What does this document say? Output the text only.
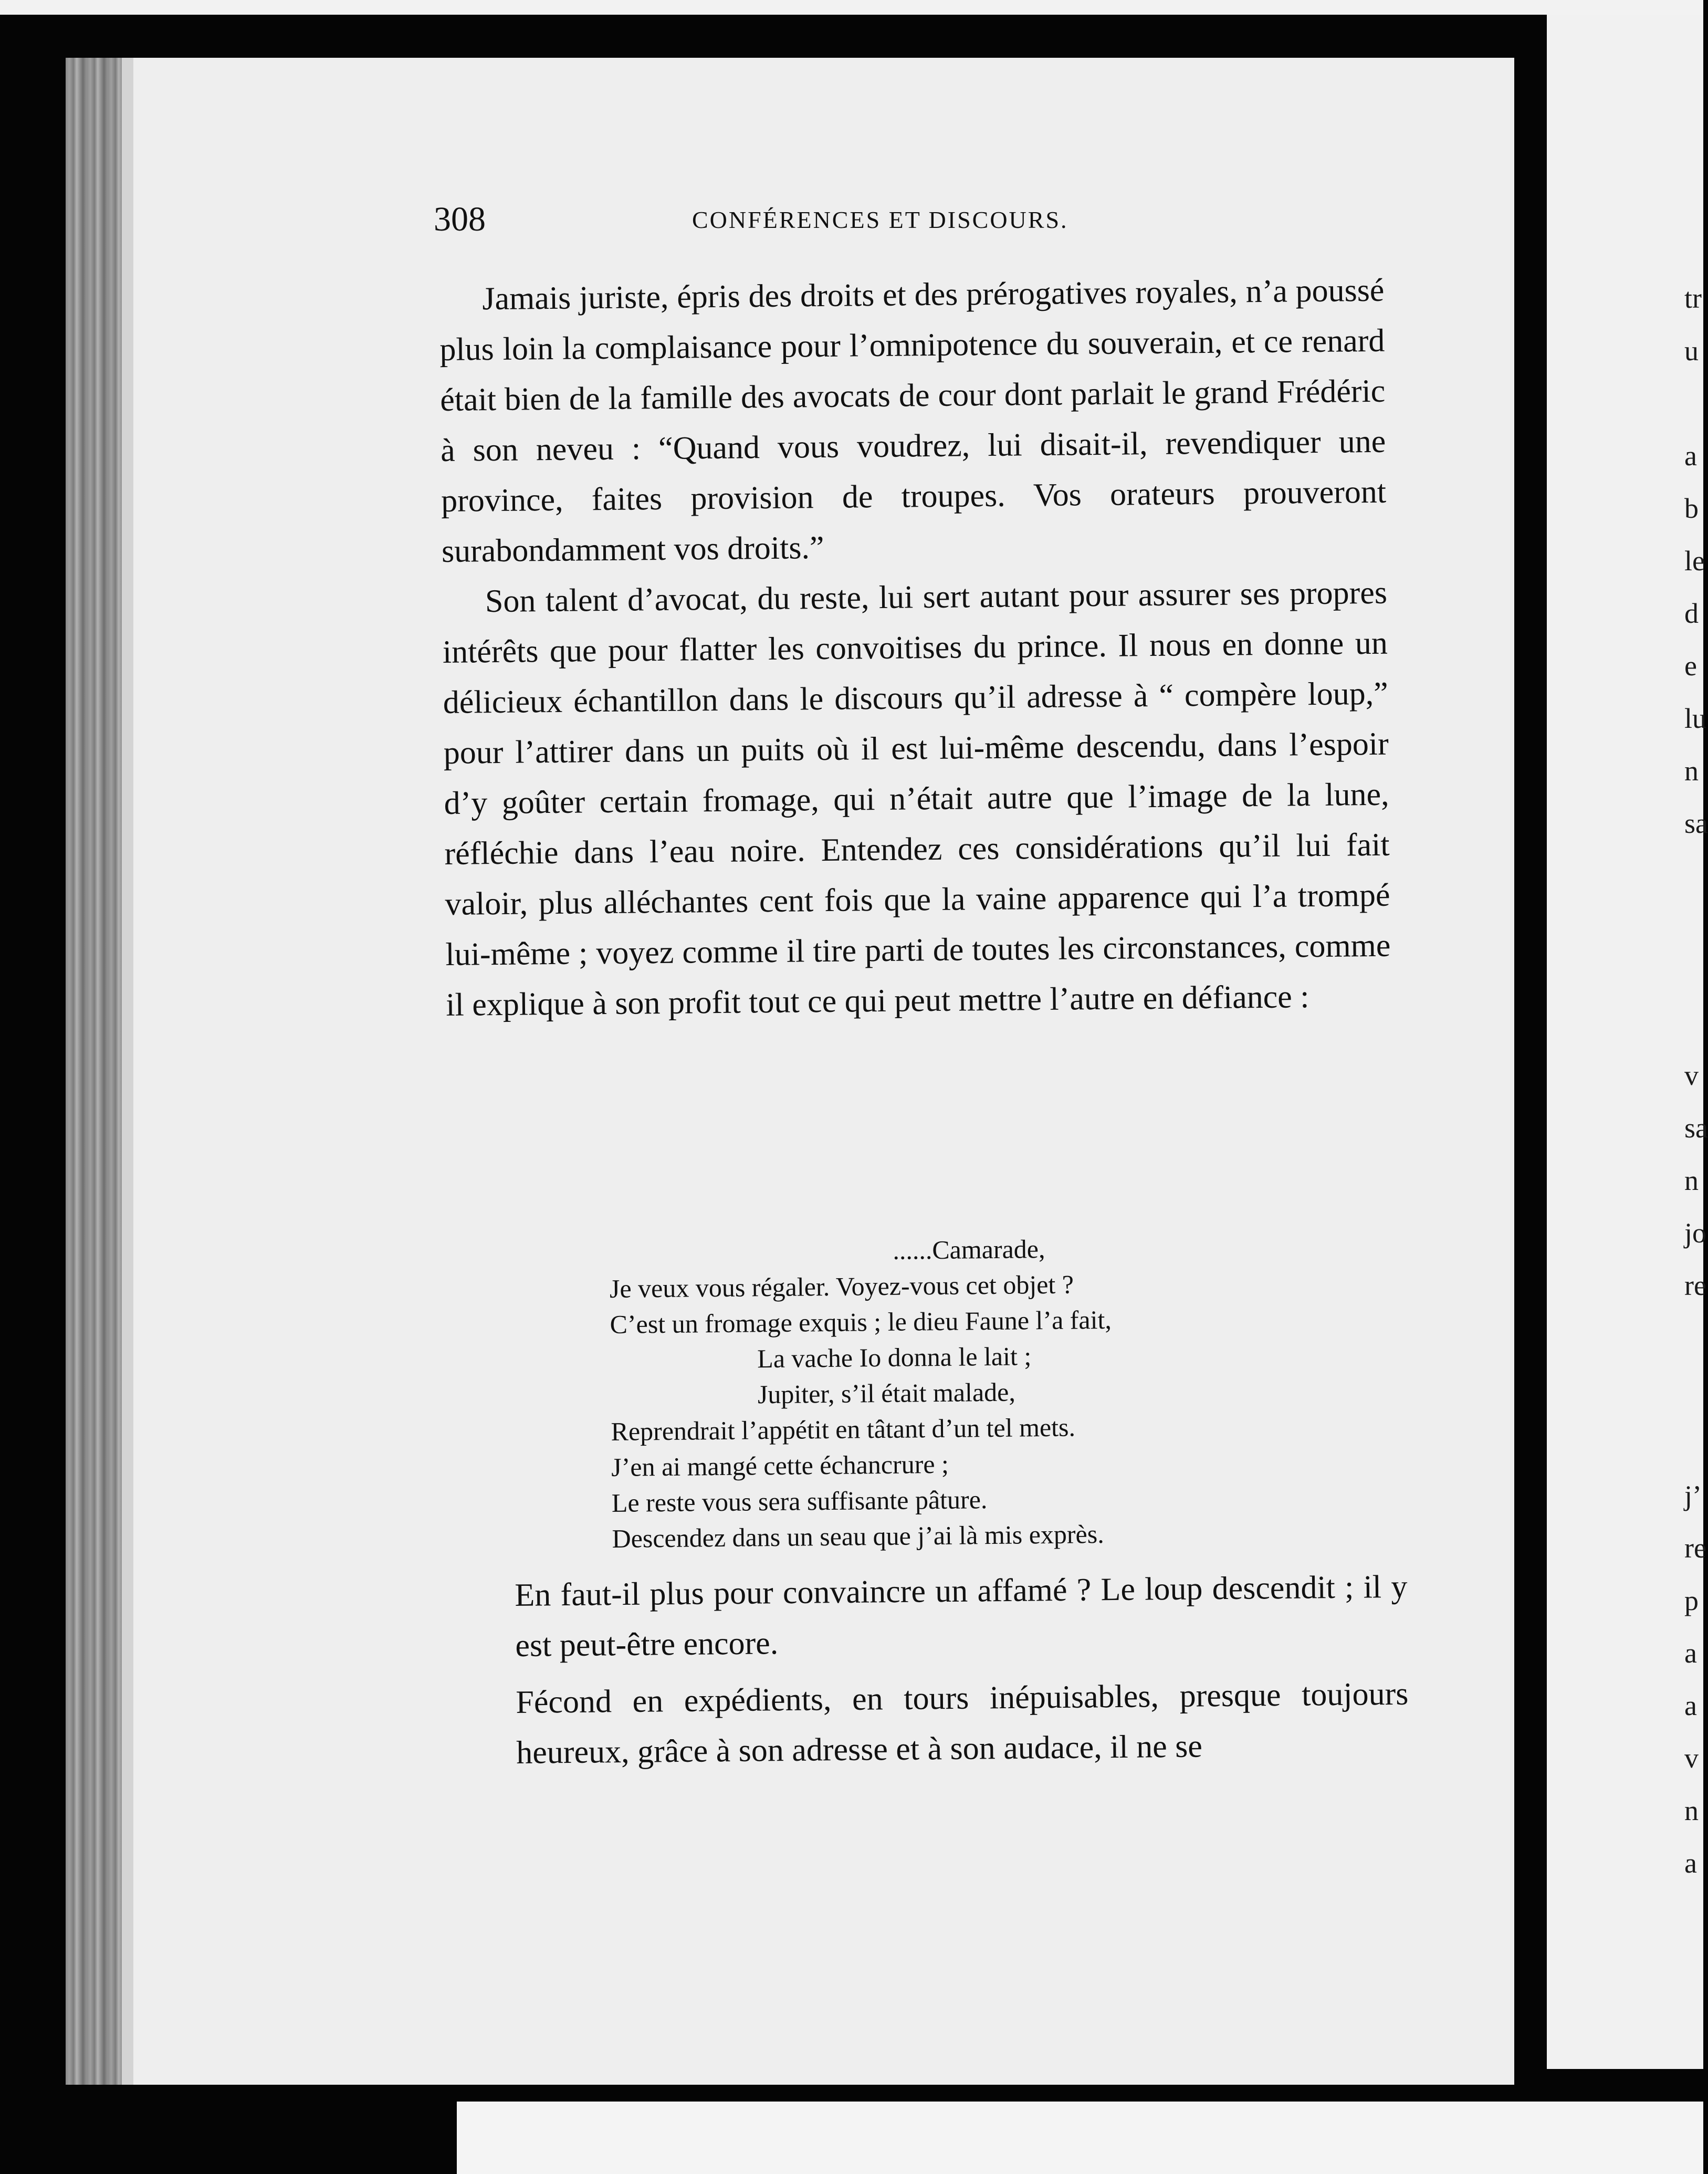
308	CONFÉRENCES ET DISCOURS.

Jamais juriste, épris des droits et des prérogatives royales, n’a poussé plus loin la complaisance pour l’omnipotence du souverain, et ce renard était bien de la famille des avocats de cour dont parlait le grand Frédéric à son neveu : “Quand vous voudrez, lui disait-il, revendiquer une province, faites provision de troupes. Vos orateurs prouveront surabondamment vos droits.”

Son talent d’avocat, du reste, lui sert autant pour assurer ses propres intérêts que pour flatter les convoitises du prince. Il nous en donne un délicieux échantillon dans le discours qu’il adresse à “ compère loup,” pour l’attirer dans un puits où il est lui-même descendu, dans l’espoir d’y goûter certain fromage, qui n’était autre que l’image de la lune, réfléchie dans l’eau noire. Entendez ces considérations qu’il lui fait valoir, plus alléchantes cent fois que la vaine apparence qui l’a trompé lui-même ; voyez comme il tire parti de toutes les circonstances, comme il explique à son profit tout ce qui peut mettre l’autre en défiance :

......Camarade,
Je veux vous régaler. Voyez-vous cet objet ?
C’est un fromage exquis ; le dieu Faune l’a fait,
La vache Io donna le lait ;
Jupiter, s’il était malade,
Reprendrait l’appétit en tâtant d’un tel mets.
J’en ai mangé cette échancrure ;
Le reste vous sera suffisante pâture.
Descendez dans un seau que j’ai là mis exprès.

En faut-il plus pour convaincre un affamé ? Le loup descendit ; il y est peut-être encore.

Fécond en expédients, en tours inépuisables, presque toujours heureux, grâce à son adresse et à son audace, il ne se

tr
u
a
b
le
d
e
lu
n
sa
v
sa
n
jo
re
j’
re
p
a
a
v
n
a
